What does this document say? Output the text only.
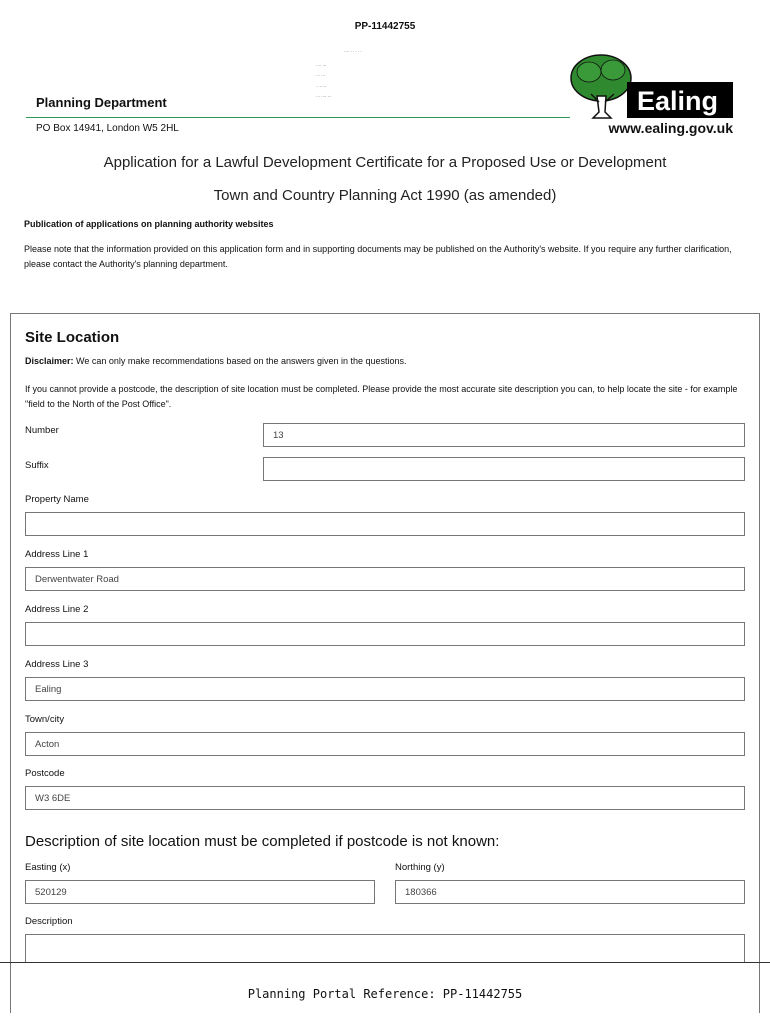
PP-11442755
···· · · · · ·
···· ···
··· ···
·· ·····
··· ···· ···
Planning Department
PO Box 14941, London W5 2HL
Ealing
www.ealing.gov.uk
Application for a Lawful Development Certificate for a Proposed Use or Development
Town and Country Planning Act 1990 (as amended)
Publication of applications on planning authority websites
Please note that the information provided on this application form and in supporting documents may be published on the Authority's website. If you require any further clarification, please contact the Authority's planning department.
Site Location
Disclaimer: We can only make recommendations based on the answers given in the questions.
If you cannot provide a postcode, the description of site location must be completed. Please provide the most accurate site description you can, to help locate the site - for example "field to the North of the Post Office".
Number	13
Suffix
Property Name
Address Line 1
Derwentwater Road
Address Line 2
Address Line 3
Ealing
Town/city
Acton
Postcode
W3 6DE
Description of site location must be completed if postcode is not known:
Easting (x)
520129
Northing (y)
180366
Description
Planning Portal Reference: PP-11442755
